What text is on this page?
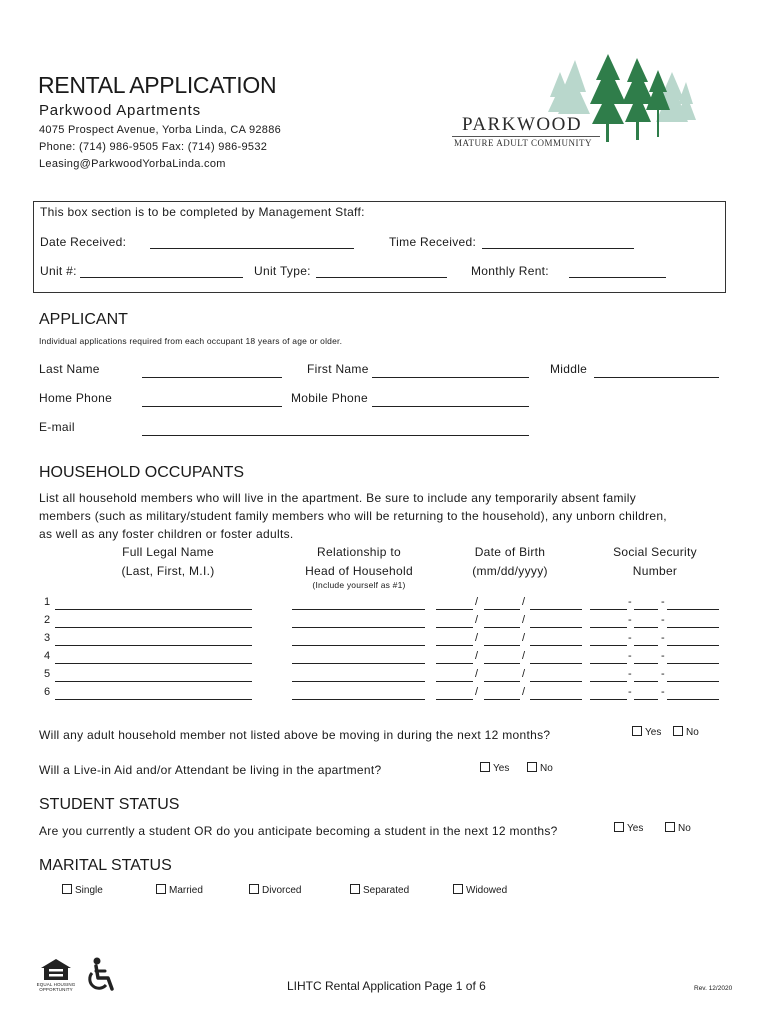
RENTAL APPLICATION
Parkwood Apartments
4075 Prospect Avenue, Yorba Linda, CA 92886
Phone: (714) 986-9505 Fax: (714) 986-9532
Leasing@ParkwoodYorbaLinda.com
PARKWOOD
MATURE ADULT COMMUNITY
This box section is to be completed by Management Staff:
Date Received:	Time Received:
Unit #:	Unit Type:	Monthly Rent:
APPLICANT
Individual applications required from each occupant 18 years of age or older.
Last Name	First Name	Middle
Home Phone	Mobile Phone
E-mail
HOUSEHOLD OCCUPANTS
List all household members who will live in the apartment. Be sure to include any temporarily absent family
members (such as military/student family members who will be returning to the household), any unborn children,
as well as any foster children or foster adults.
Full Legal Name
(Last, First, M.I.)
Relationship to
Head of Household
(Include yourself as #1)
Date of Birth
(mm/dd/yyyy)
Social Security
Number
1	/	/	-	-
2	/	/	-	-
3	/	/	-	-
4	/	/	-	-
5	/	/	-	-
6	/	/	-	-
Will any adult household member not listed above be moving in during the next 12 months?	Yes	No
Will a Live-in Aid and/or Attendant be living in the apartment?	Yes	No
STUDENT STATUS
Are you currently a student OR do you anticipate becoming a student in the next 12 months?	Yes	No
MARITAL STATUS
Single	Married	Divorced	Separated	Widowed
EQUAL HOUSING OPPORTUNITY	LIHTC Rental Application Page 1 of 6	Rev. 12/2020
